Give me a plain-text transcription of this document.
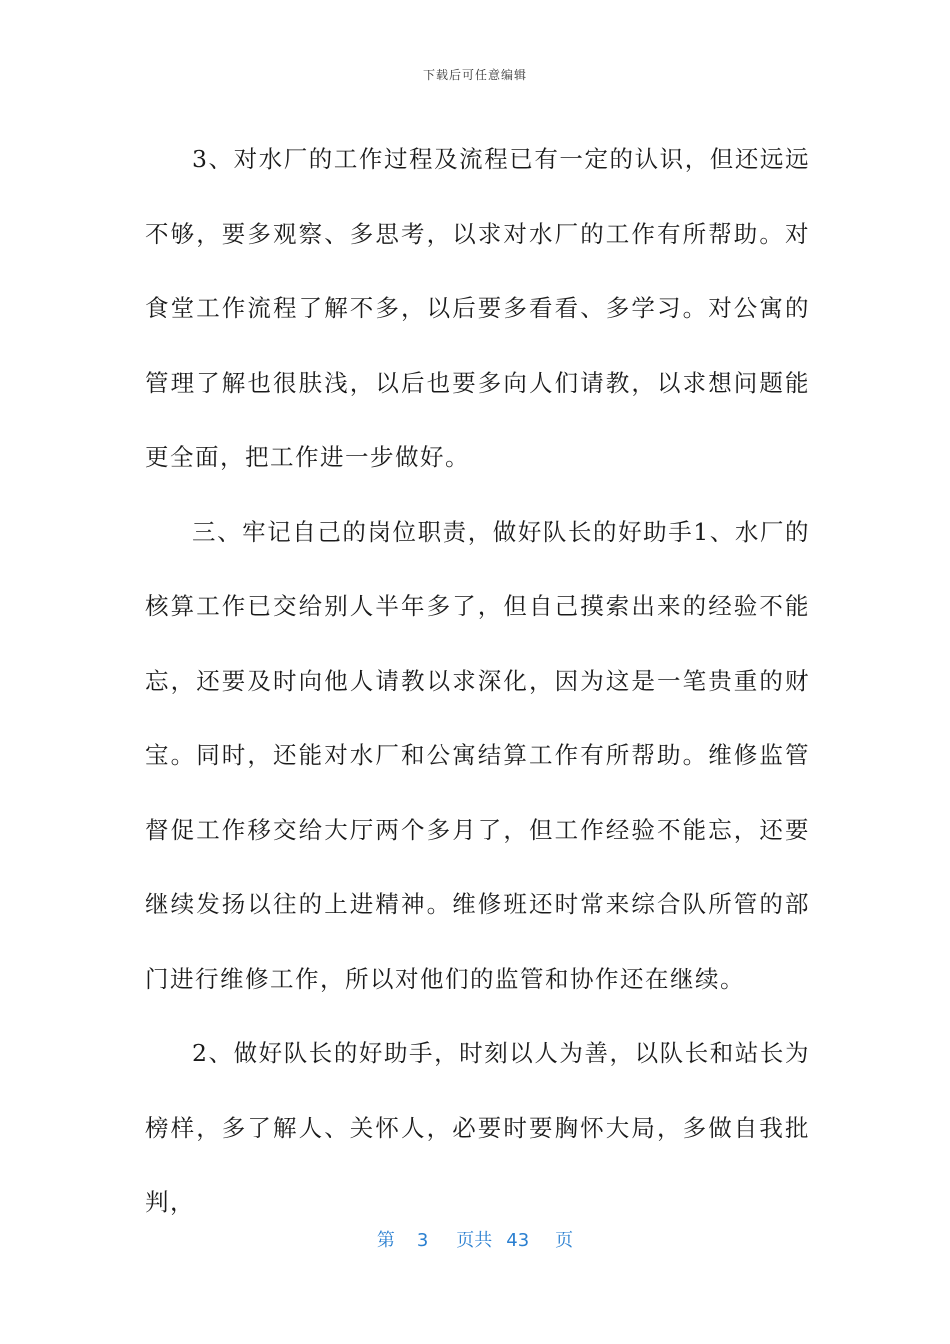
下载后可任意编辑

3、对水厂的工作过程及流程已有一定的认识，但还远远不够，要多观察、多思考，以求对水厂的工作有所帮助。对食堂工作流程了解不多，以后要多看看、多学习。对公寓的管理了解也很肤浅，以后也要多向人们请教，以求想问题能更全面，把工作进一步做好。

三、牢记自己的岗位职责，做好队长的好助手1、水厂的核算工作已交给别人半年多了，但自己摸索出来的经验不能忘，还要及时向他人请教以求深化，因为这是一笔贵重的财宝。同时，还能对水厂和公寓结算工作有所帮助。维修监管督促工作移交给大厅两个多月了，但工作经验不能忘，还要继续发扬以往的上进精神。维修班还时常来综合队所管的部门进行维修工作，所以对他们的监管和协作还在继续。

2、做好队长的好助手，时刻以人为善，以队长和站长为榜样，多了解人、关怀人，必要时要胸怀大局，多做自我批判，

第 3 页共 43 页
